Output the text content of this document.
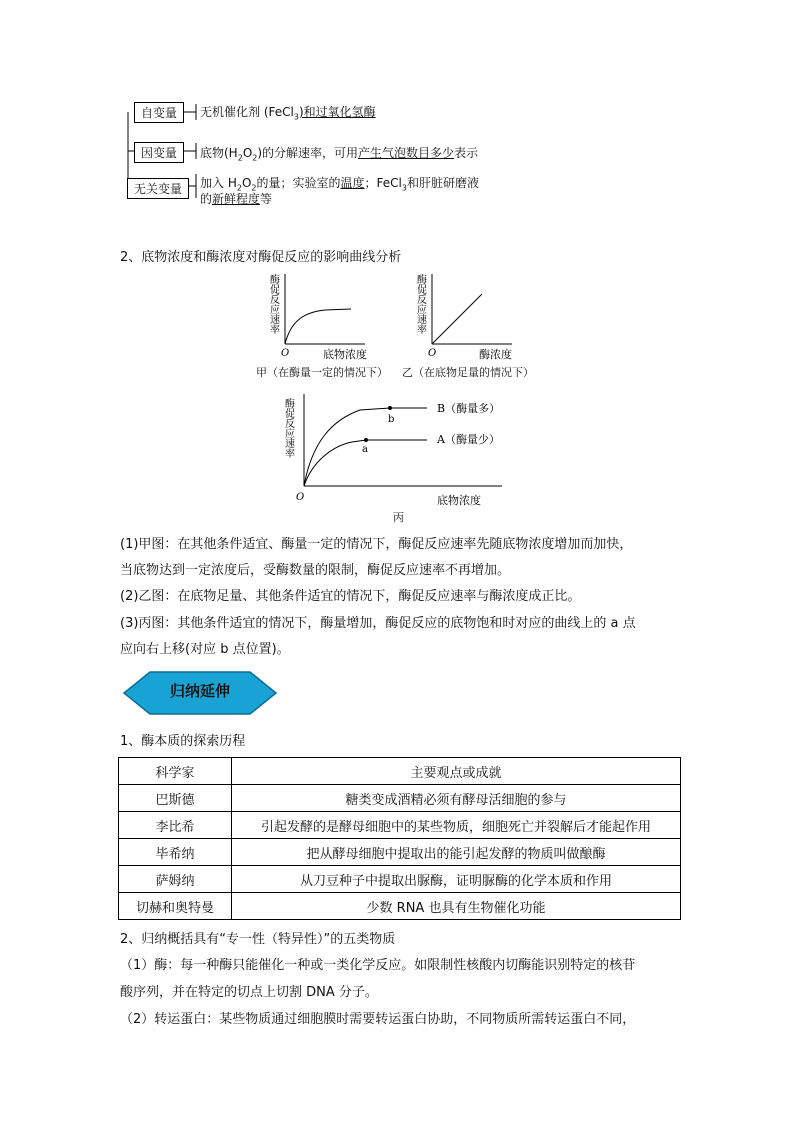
自变量	无机催化剂 (FeCl$_3$)和过氧化氢酶
因变量	底物$(H_2O_2)$的分解速率，可用产生气泡数目多少表示
无关变量	加入 $H_2O_2$的量；实验室的温度；FeCl$_3$和肝脏研磨液
的新鲜程度等
2、底物浓度和酶浓度对酶促反应的影响曲线分析
O	底物浓度
酶促反应速率
甲（在酶量一定的情况下）
O	酶浓度
酶促反应速率
乙（在底物足量的情况下）
b
a
B（酶量多）
A（酶量少）
O	底物浓度
酶促反应速率
丙
(1)甲图：在其他条件适宜、酶量一定的情况下，酶促反应速率先随底物浓度增加而加快，
当底物达到一定浓度后，受酶数量的限制，酶促反应速率不再增加。
(2)乙图：在底物足量、其他条件适宜的情况下，酶促反应速率与酶浓度成正比。
(3)丙图：其他条件适宜的情况下，酶量增加，酶促反应的底物饱和时对应的曲线上的 a 点
应向右上移(对应 b 点位置)。
归纳延伸
1、酶本质的探索历程
科学家	主要观点或成就
巴斯德	糖类变成酒精必须有酵母活细胞的参与
李比希	引起发酵的是酵母细胞中的某些物质，细胞死亡并裂解后才能起作用
毕希纳	把从酵母细胞中提取出的能引起发酵的物质叫做酿酶
萨姆纳	从刀豆种子中提取出脲酶，证明脲酶的化学本质和作用
切赫和奥特曼	少数 RNA 也具有生物催化功能
2、归纳概括具有“专一性（特异性）”的五类物质
（1）酶：每一种酶只能催化一种或一类化学反应。如限制性核酸内切酶能识别特定的核苷
酸序列，并在特定的切点上切割 DNA 分子。
（2）转运蛋白：某些物质通过细胞膜时需要转运蛋白协助，不同物质所需转运蛋白不同，
